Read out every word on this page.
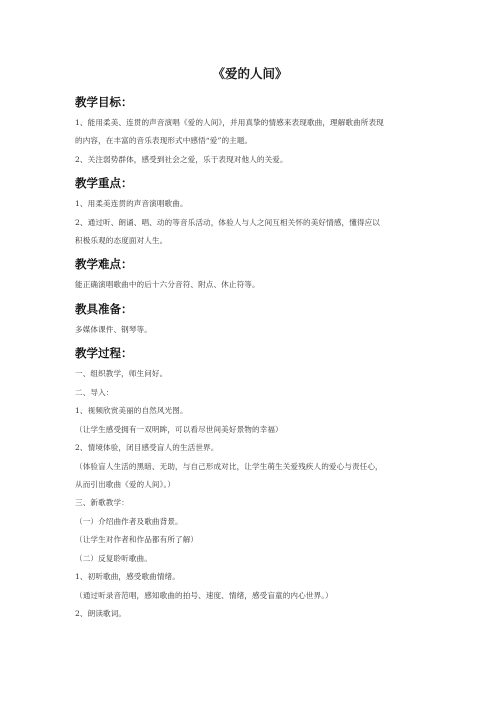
《爱的人间》
教学目标：
1、能用柔美、连贯的声音演唱《爱的人间》，并用真挚的情感来表现歌曲，理解歌曲所表现
的内容，在丰富的音乐表现形式中感悟“爱”的主题。
2、关注弱势群体，感受到社会之爱，乐于表现对他人的关爱。
教学重点：
1、用柔美连贯的声音演唱歌曲。
2、通过听、朗诵、唱、动的等音乐活动，体验人与人之间互相关怀的美好情感，懂得应以
积极乐观的态度面对人生。
教学难点：
能正确演唱歌曲中的后十六分音符、附点、休止符等。
教具准备：
多媒体课件、钢琴等。
教学过程：
一、组织教学，师生问好。
二、导入：
1、视频欣赏美丽的自然风光图。
（让学生感受拥有一双明眸，可以看尽世间美好景物的幸福）
2、情境体验，闭目感受盲人的生活世界。
（体验盲人生活的黑暗、无助，与自己形成对比，让学生萌生关爱残疾人的爱心与责任心，
从而引出歌曲《爱的人间》。）
三、新歌教学：
（一）介绍曲作者及歌曲背景。
（让学生对作者和作品都有所了解）
（二）反复聆听歌曲。
1、初听歌曲，感受歌曲情绪。
（通过听录音范唱，感知歌曲的拍号、速度、情绪，感受盲童的内心世界。）
2、朗读歌词。
